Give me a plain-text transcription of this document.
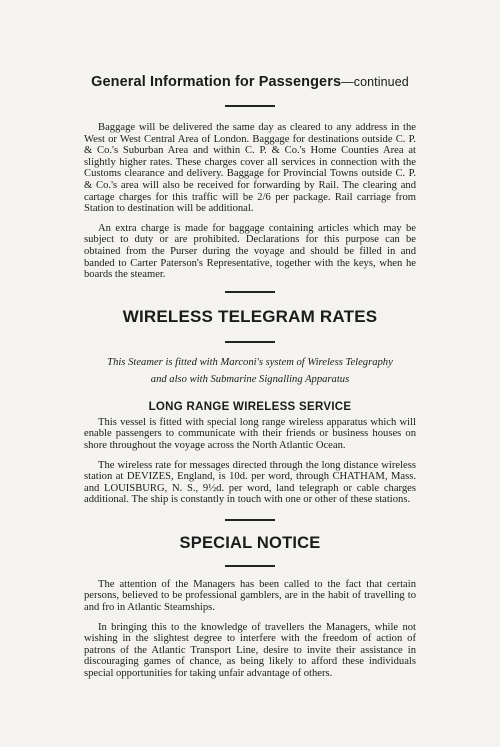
General Information for Passengers—continued

Baggage will be delivered the same day as cleared to any address in the West or West Central Area of London. Baggage for destinations outside C. P. & Co.'s Suburban Area and within C. P. & Co.'s Home Counties Area at slightly higher rates. These charges cover all services in connection with the Customs clearance and delivery. Baggage for Provincial Towns outside C. P. & Co.'s area will also be received for forwarding by Rail. The clearing and cartage charges for this traffic will be 2/6 per package. Rail carriage from Station to destination will be additional.

An extra charge is made for baggage containing articles which may be subject to duty or are prohibited. Declarations for this purpose can be obtained from the Purser during the voyage and should be filled in and banded to Carter Paterson's Representative, together with the keys, when he boards the steamer.

WIRELESS TELEGRAM RATES

This Steamer is fitted with Marconi's system of Wireless Telegraphy

and also with Submarine Signalling Apparatus

LONG RANGE WIRELESS SERVICE

This vessel is fitted with special long range wireless apparatus which will enable passengers to communicate with their friends or business houses on shore throughout the voyage across the North Atlantic Ocean.

The wireless rate for messages directed through the long distance wireless station at DEVIZES, England, is 10d. per word, through CHATHAM, Mass. and LOUISBURG, N. S., 9½d. per word, land telegraph or cable charges additional. The ship is constantly in touch with one or other of these stations.

SPECIAL NOTICE

The attention of the Managers has been called to the fact that certain persons, believed to be professional gamblers, are in the habit of travelling to and fro in Atlantic Steamships.

In bringing this to the knowledge of travellers the Managers, while not wishing in the slightest degree to interfere with the freedom of action of patrons of the Atlantic Transport Line, desire to invite their assistance in discouraging games of chance, as being likely to afford these individuals special opportunities for taking unfair advantage of others.
